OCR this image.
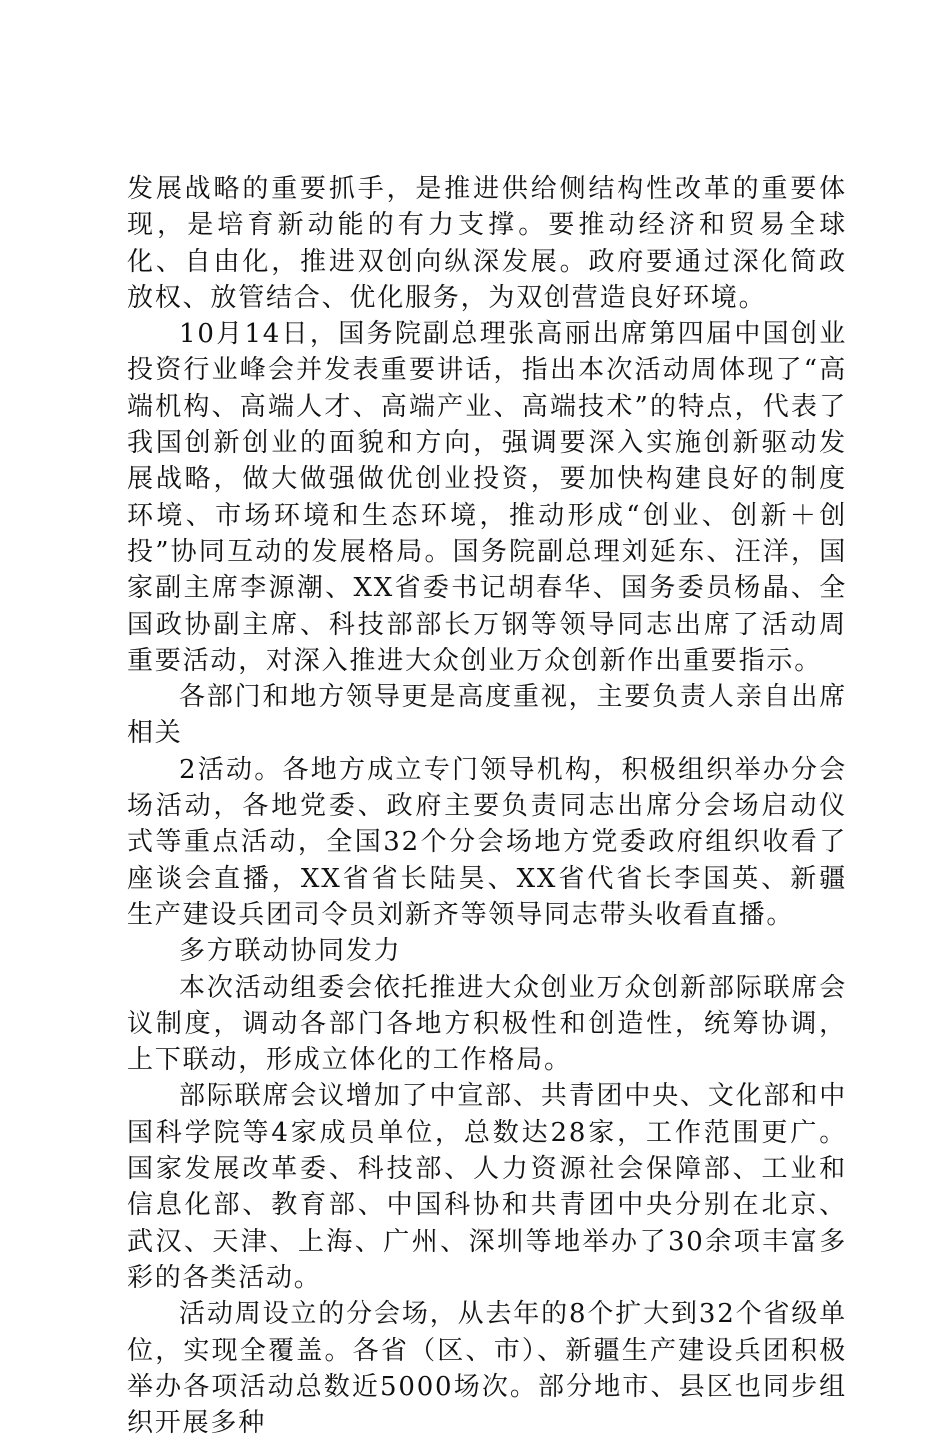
发展战略的重要抓手，是推进供给侧结构性改革的重要体现，是培育新动能的有力支撑。要推动经济和贸易全球化、自由化，推进双创向纵深发展。政府要通过深化简政放权、放管结合、优化服务，为双创营造良好环境。

10月14日，国务院副总理张高丽出席第四届中国创业投资行业峰会并发表重要讲话，指出本次活动周体现了“高端机构、高端人才、高端产业、高端技术”的特点，代表了我国创新创业的面貌和方向，强调要深入实施创新驱动发展战略，做大做强做优创业投资，要加快构建良好的制度环境、市场环境和生态环境，推动形成“创业、创新＋创投”协同互动的发展格局。国务院副总理刘延东、汪洋，国家副主席李源潮、XX省委书记胡春华、国务委员杨晶、全国政协副主席、科技部部长万钢等领导同志出席了活动周重要活动，对深入推进大众创业万众创新作出重要指示。

各部门和地方领导更是高度重视，主要负责人亲自出席相关

2活动。各地方成立专门领导机构，积极组织举办分会场活动，各地党委、政府主要负责同志出席分会场启动仪式等重点活动，全国32个分会场地方党委政府组织收看了座谈会直播，XX省省长陆昊、XX省代省长李国英、新疆生产建设兵团司令员刘新齐等领导同志带头收看直播。

多方联动协同发力

本次活动组委会依托推进大众创业万众创新部际联席会议制度，调动各部门各地方积极性和创造性，统筹协调，上下联动，形成立体化的工作格局。

部际联席会议增加了中宣部、共青团中央、文化部和中国科学院等4家成员单位，总数达28家，工作范围更广。国家发展改革委、科技部、人力资源社会保障部、工业和信息化部、教育部、中国科协和共青团中央分别在北京、武汉、天津、上海、广州、深圳等地举办了30余项丰富多彩的各类活动。

活动周设立的分会场，从去年的8个扩大到32个省级单位，实现全覆盖。各省（区、市）、新疆生产建设兵团积极举办各项活动总数近5000场次。部分地市、县区也同步组织开展多种
